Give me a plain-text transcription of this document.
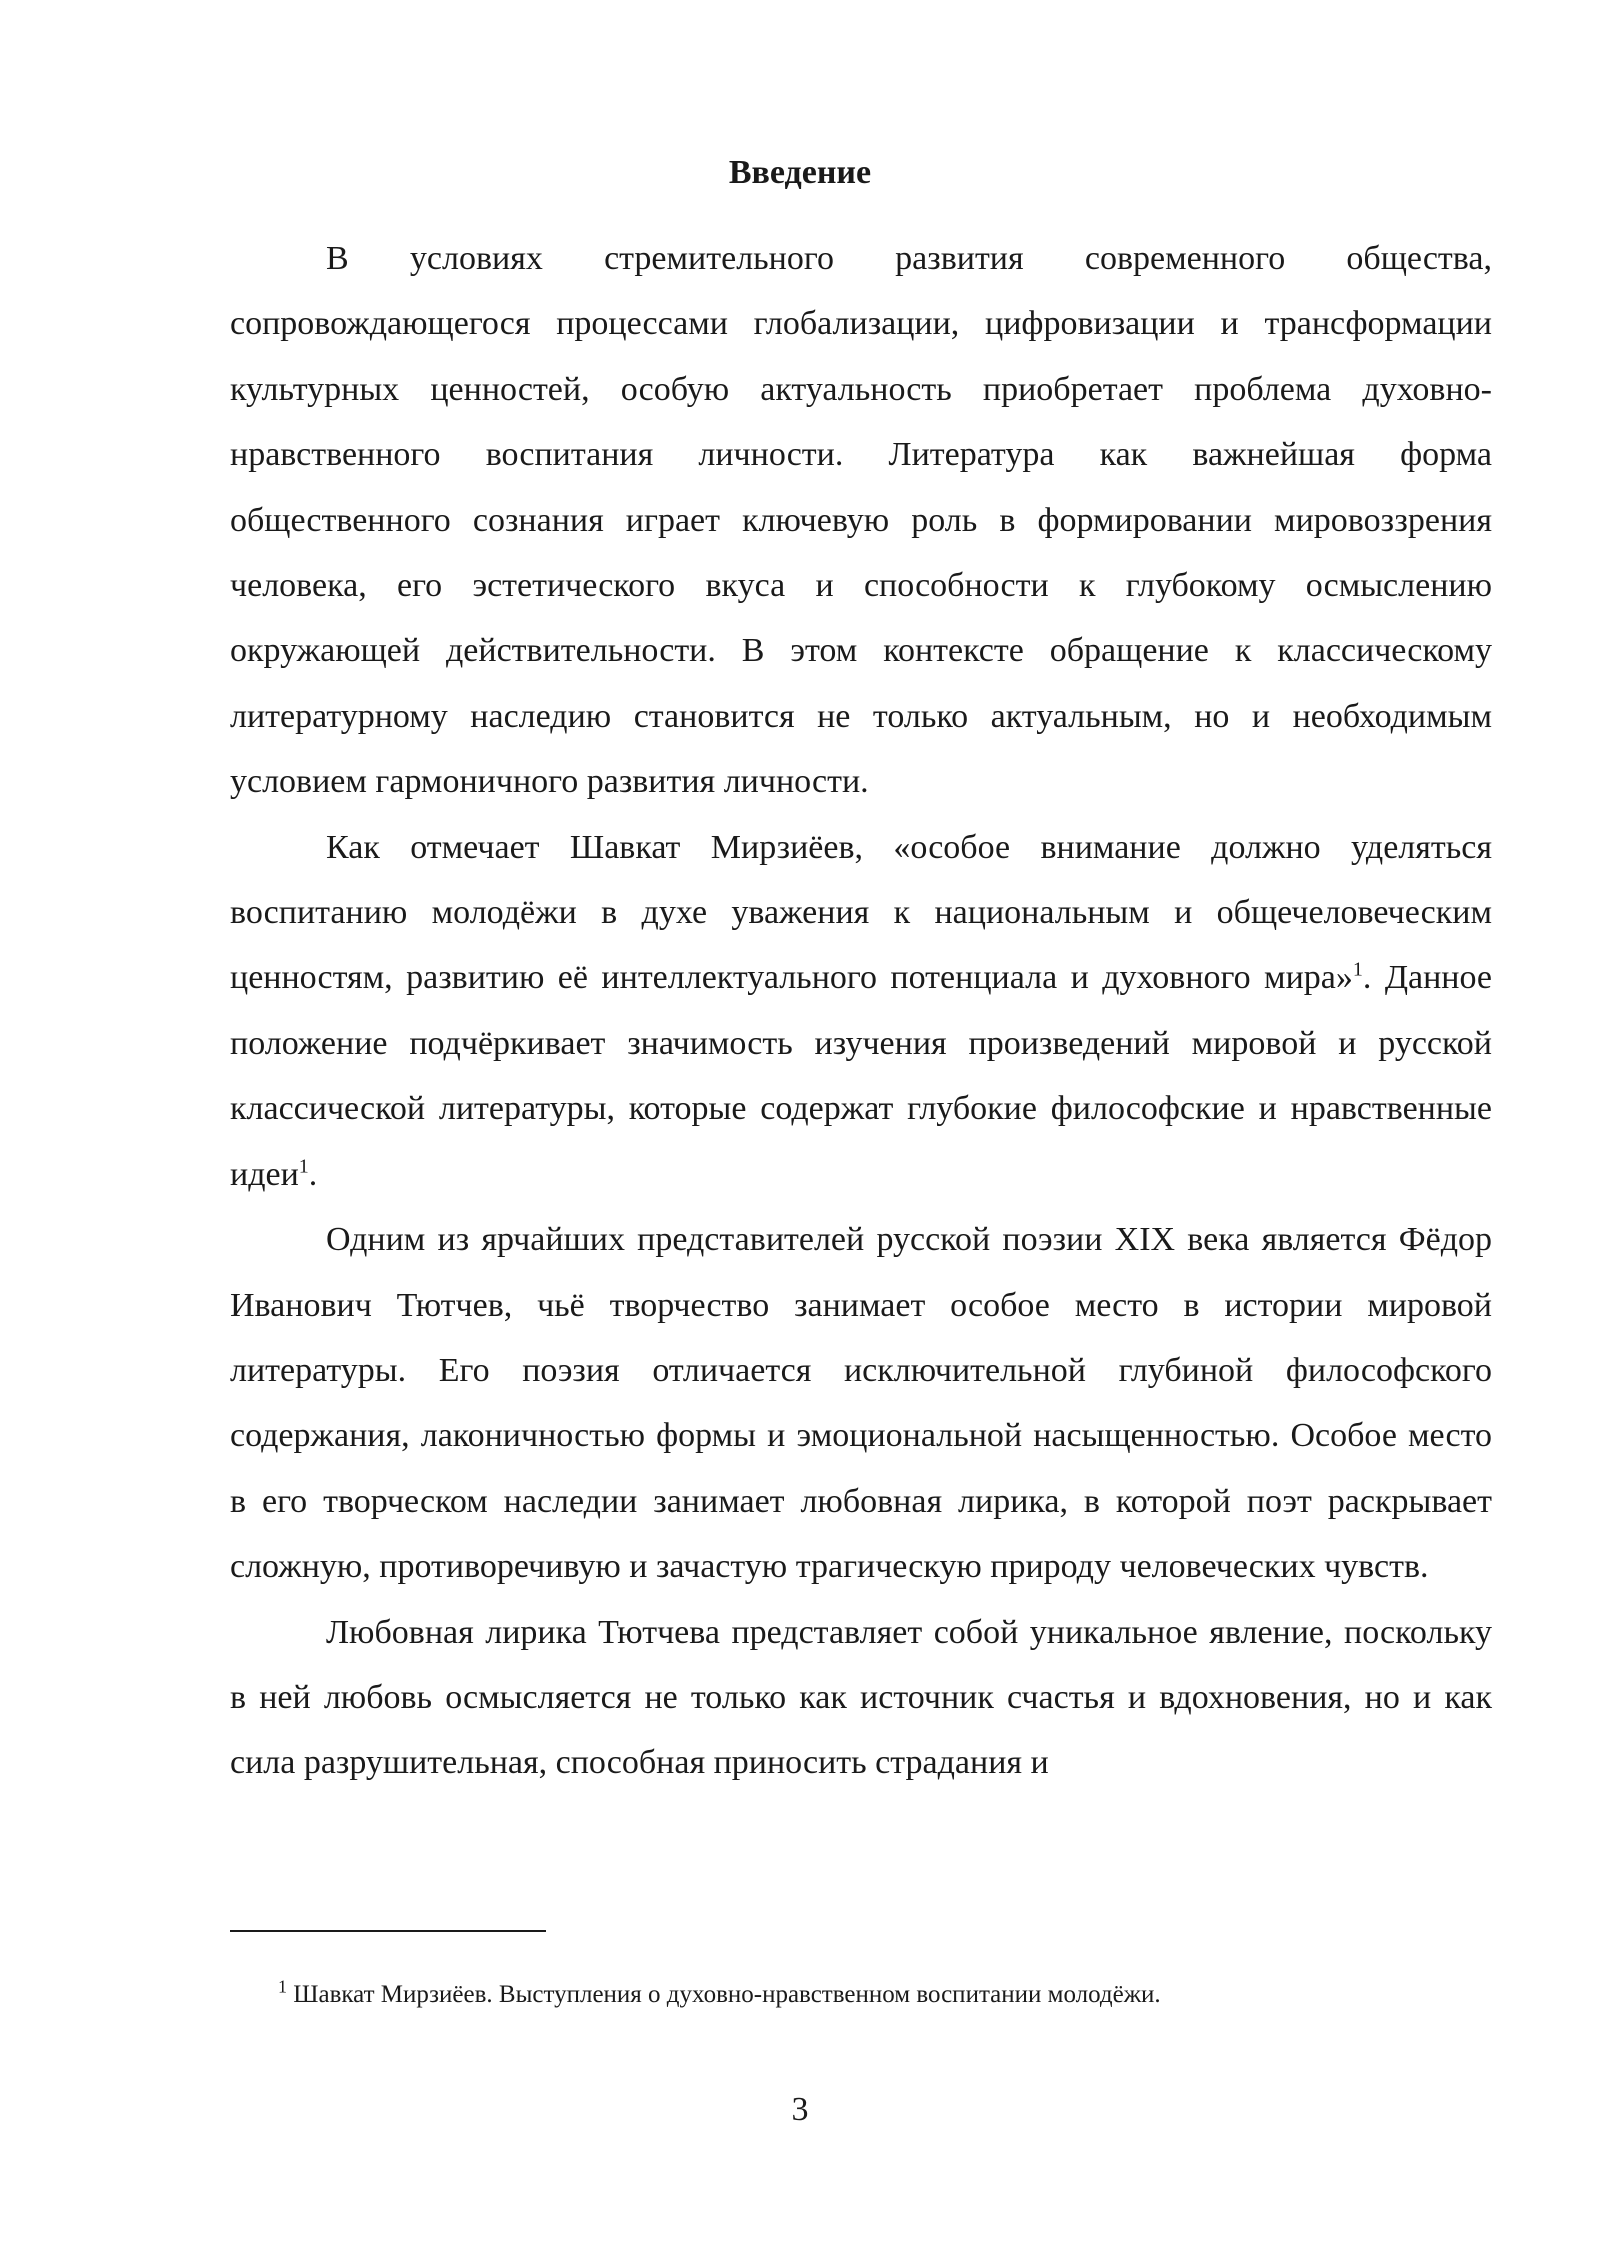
Введение

В условиях стремительного развития современного общества, сопровождающегося процессами глобализации, цифровизации и трансформации культурных ценностей, особую актуальность приобретает проблема духовно-нравственного воспитания личности. Литература как важнейшая форма общественного сознания играет ключевую роль в формировании мировоззрения человека, его эстетического вкуса и способности к глубокому осмыслению окружающей действительности. В этом контексте обращение к классическому литературному наследию становится не только актуальным, но и необходимым условием гармоничного развития личности.

Как отмечает Шавкат Мирзиёев, «особое внимание должно уделяться воспитанию молодёжи в духе уважения к национальным и общечеловеческим ценностям, развитию её интеллектуального потенциала и духовного мира»$^1$. Данное положение подчёркивает значимость изучения произведений мировой и русской классической литературы, которые содержат глубокие философские и нравственные идеи$^1$.

Одним из ярчайших представителей русской поэзии XIX века является Фёдор Иванович Тютчев, чьё творчество занимает особое место в истории мировой литературы. Его поэзия отличается исключительной глубиной философского содержания, лаконичностью формы и эмоциональной насыщенностью. Особое место в его творческом наследии занимает любовная лирика, в которой поэт раскрывает сложную, противоречивую и зачастую трагическую природу человеческих чувств.

Любовная лирика Тютчева представляет собой уникальное явление, поскольку в ней любовь осмысляется не только как источник счастья и вдохновения, но и как сила разрушительная, способная приносить страдания и

$^1$ Шавкат Мирзиёев. Выступления о духовно-нравственном воспитании молодёжи.
3
